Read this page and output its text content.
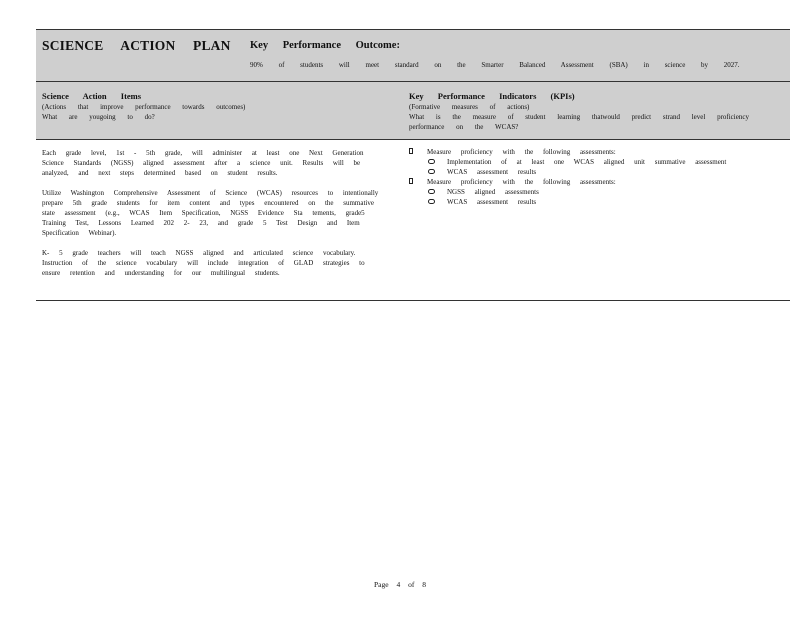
SCIENCE ACTION PLAN Key Performance Outcome:
90% of students will meet standard on the Smarter Balanced Assessment (SBA) in science by 2027.
Science Action Items
(Actions that improve performance towards outcomes)
What are yougoing to do?
Key Performance Indicators (KPIs)
(Formative measures of actions)
What is the measure of student learning thatwould predict strand level proficiency performance on the WCAS?

Each grade level, 1st - 5th grade, will administer at least one Next Generation Science Standards (NGSS) aligned assessment after a science unit. Results will be analyzed, and next steps determined based on student results.

Utilize Washington Comprehensive Assessment of Science (WCAS) resources to intentionally prepare 5th grade students for item content and types encountered on the summative state assessment (e.g., WCAS Item Specification, NGSS Evidence Sta tements, grade5 Training Test, Lessons Learned 202 2- 23, and grade 5 Test Design and Item Specification Webinar).

K- 5 grade teachers will teach NGSS aligned and articulated science vocabulary. Instruction of the science vocabulary will include integration of GLAD strategies to ensure retention and understanding for our multilingual students.

Measure proficiency with the following assessments:
Implementation of at least one WCAS aligned unit summative assessment
WCAS assessment results
Measure proficiency with the following assessments:
NGSS aligned assessments
WCAS assessment results
Page 4 of 8
